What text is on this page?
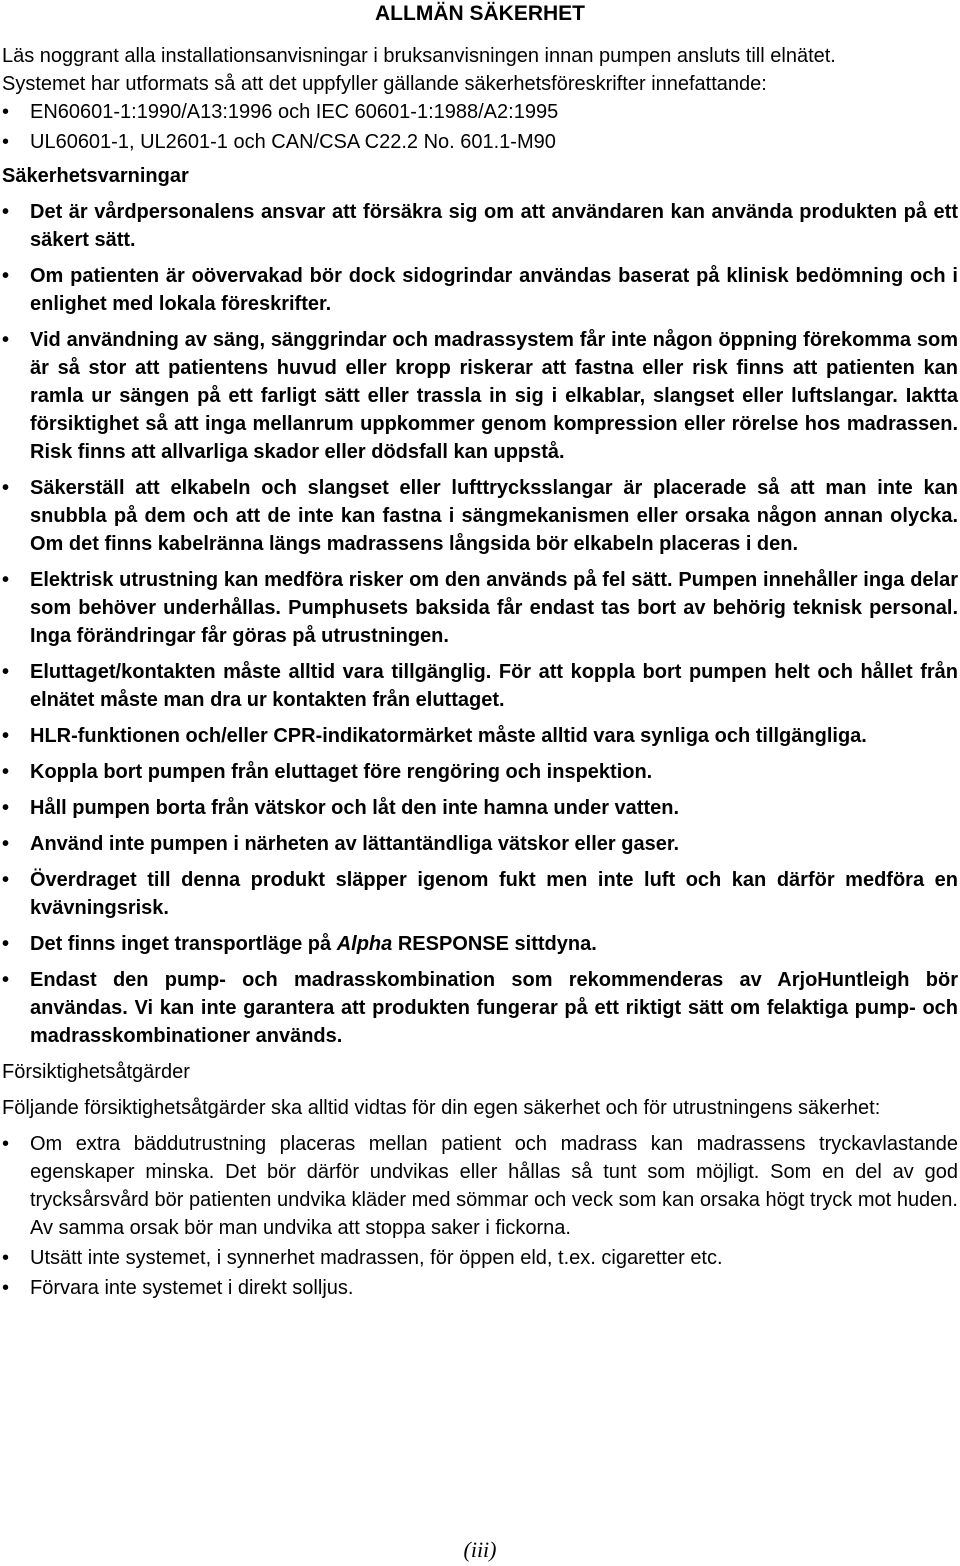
ALLMÄN SÄKERHET

Läs noggrant alla installationsanvisningar i bruksanvisningen innan pumpen ansluts till elnätet.

Systemet har utformats så att det uppfyller gällande säkerhetsföreskrifter innefattande:

•	EN60601-1:1990/A13:1996 och IEC 60601-1:1988/A2:1995
•	UL60601-1, UL2601-1 och CAN/CSA C22.2 No. 601.1-M90
Säkerhetsvarningar
•	Det är vårdpersonalens ansvar att försäkra sig om att användaren kan använda produkten på ett säkert sätt.
•	Om patienten är oövervakad bör dock sidogrindar användas baserat på klinisk bedömning och i enlighet med lokala föreskrifter.
•	Vid användning av säng, sänggrindar och madrassystem får inte någon öppning förekomma som är så stor att patientens huvud eller kropp riskerar att fastna eller risk finns att patienten kan ramla ur sängen på ett farligt sätt eller trassla in sig i elkablar, slangset eller luftslangar. Iaktta försiktighet så att inga mellanrum uppkommer genom kompression eller rörelse hos madrassen. Risk finns att allvarliga skador eller dödsfall kan uppstå.
•	Säkerställ att elkabeln och slangset eller lufttrycksslangar är placerade så att man inte kan snubbla på dem och att de inte kan fastna i sängmekanismen eller orsaka någon annan olycka. Om det finns kabelränna längs madrassens långsida bör elkabeln placeras i den.
•	Elektrisk utrustning kan medföra risker om den används på fel sätt. Pumpen innehåller inga delar som behöver underhållas. Pumphusets baksida får endast tas bort av behörig teknisk personal. Inga förändringar får göras på utrustningen.
•	Eluttaget/kontakten måste alltid vara tillgänglig. För att koppla bort pumpen helt och hållet från elnätet måste man dra ur kontakten från eluttaget.
•	HLR-funktionen och/eller CPR-indikatormärket måste alltid vara synliga och tillgängliga.
•	Koppla bort pumpen från eluttaget före rengöring och inspektion.
•	Håll pumpen borta från vätskor och låt den inte hamna under vatten.
•	Använd inte pumpen i närheten av lättantändliga vätskor eller gaser.
•	Överdraget till denna produkt släpper igenom fukt men inte luft och kan därför medföra en kvävningsrisk.
•	Det finns inget transportläge på Alpha RESPONSE sittdyna.
•	Endast den pump- och madrasskombination som rekommenderas av ArjoHuntleigh bör användas. Vi kan inte garantera att produkten fungerar på ett riktigt sätt om felaktiga pump- och madrasskombinationer används.
Försiktighetsåtgärder

Följande försiktighetsåtgärder ska alltid vidtas för din egen säkerhet och för utrustningens säkerhet:

•	Om extra bäddutrustning placeras mellan patient och madrass kan madrassens tryckavlastande egenskaper minska. Det bör därför undvikas eller hållas så tunt som möjligt. Som en del av god trycksårsvård bör patienten undvika kläder med sömmar och veck som kan orsaka högt tryck mot huden. Av samma orsak bör man undvika att stoppa saker i fickorna.
•	Utsätt inte systemet, i synnerhet madrassen, för öppen eld, t.ex. cigaretter etc.
•	Förvara inte systemet i direkt solljus.
(iii)
